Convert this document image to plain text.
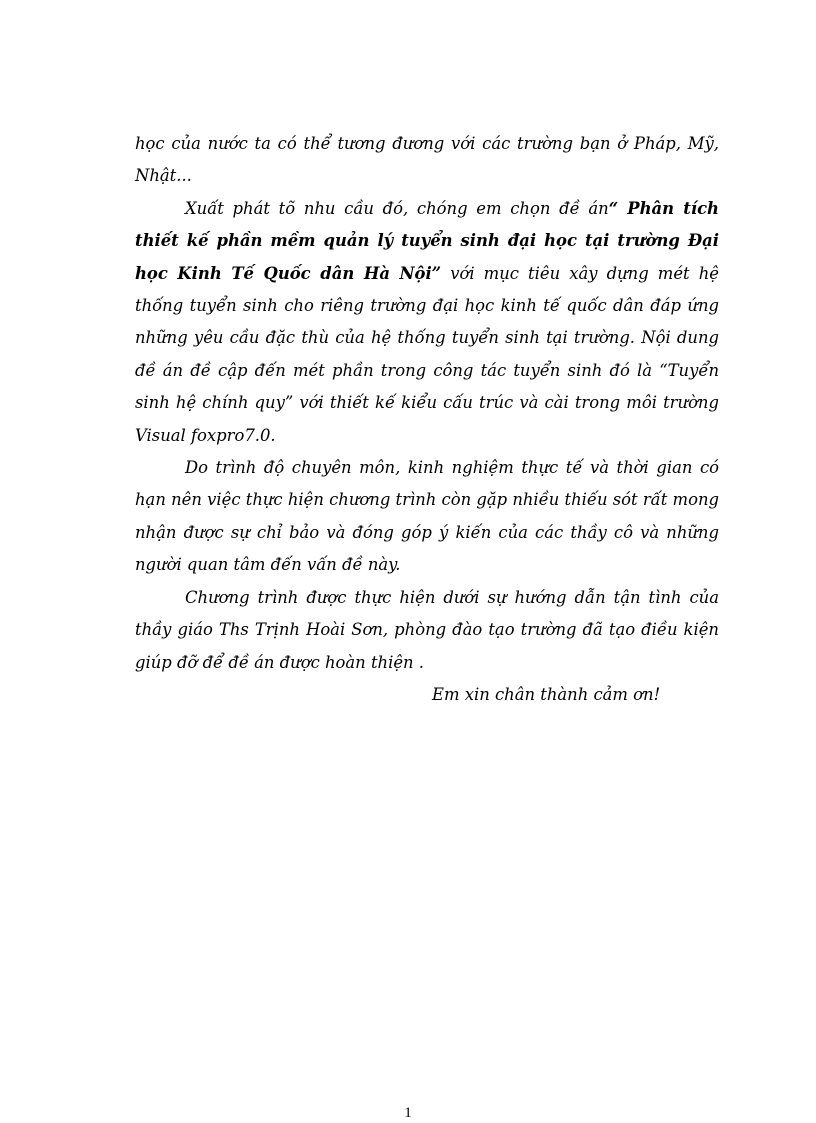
học của nước ta có thể tương đương với các trường bạn ở Pháp, Mỹ, Nhật...

Xuất phát tõ nhu cầu đó, chóng em chọn đề án“ Phân tích thiết kế phần mềm quản lý tuyển sinh đại học tại trường Đại học Kinh Tế Quốc dân Hà Nội” với mục tiêu xây dựng mét hệ thống tuyển sinh cho riêng trường đại học kinh tế quốc dân đáp ứng những yêu cầu đặc thù của hệ thống tuyển sinh tại trường. Nội dung đề án đề cập đến mét phần trong công tác tuyển sinh đó là “Tuyển sinh hệ chính quy” với thiết kế kiểu cấu trúc và cài trong môi trường Visual foxpro7.0.

Do trình độ chuyên môn, kinh nghiệm thực tế và thời gian có hạn nên việc thực hiện chương trình còn gặp nhiều thiếu sót rất mong nhận được sự chỉ bảo và đóng góp ý kiến của các thầy cô và những người quan tâm đến vấn đề này.

Chương trình được thực hiện dưới sự hướng dẫn tận tình của thầy giáo Ths Trịnh Hoài Sơn, phòng đào tạo trường đã tạo điều kiện giúp đỡ để đề án được hoàn thiện .

Em xin chân thành cảm ơn!

1
